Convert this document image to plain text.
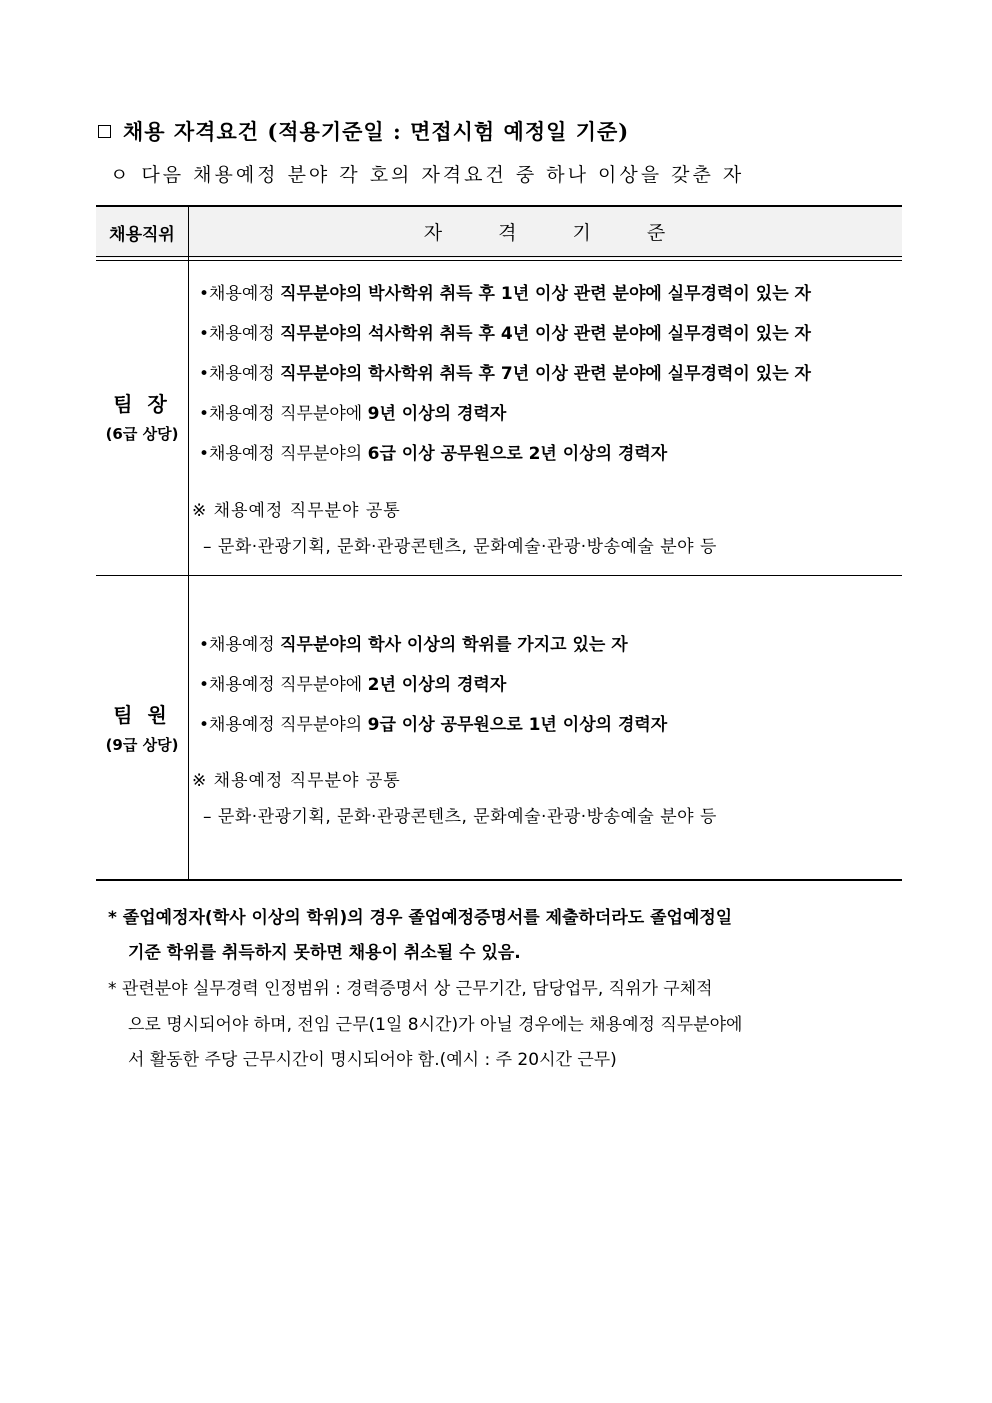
채용 자격요건 (적용기준일 : 면접시험 예정일 기준)
ㅇ 다음 채용예정 분야 각 호의 자격요건 중 하나 이상을 갖춘 자
채용직위	자 격 기 준
팀 장
(6급 상당)
•채용예정 직무분야의 박사학위 취득 후 1년 이상 관련 분야에 실무경력이 있는 자
•채용예정 직무분야의 석사학위 취득 후 4년 이상 관련 분야에 실무경력이 있는 자
•채용예정 직무분야의 학사학위 취득 후 7년 이상 관련 분야에 실무경력이 있는 자
•채용예정 직무분야에 9년 이상의 경력자
•채용예정 직무분야의 6급 이상 공무원으로 2년 이상의 경력자
※ 채용예정 직무분야 공통
– 문화·관광기획, 문화·관광콘텐츠, 문화예술·관광·방송예술 분야 등
팀 원
(9급 상당)
•채용예정 직무분야의 학사 이상의 학위를 가지고 있는 자
•채용예정 직무분야에 2년 이상의 경력자
•채용예정 직무분야의 9급 이상 공무원으로 1년 이상의 경력자
※ 채용예정 직무분야 공통
– 문화·관광기획, 문화·관광콘텐츠, 문화예술·관광·방송예술 분야 등
* 졸업예정자(학사 이상의 학위)의 경우 졸업예정증명서를 제출하더라도 졸업예정일
기준 학위를 취득하지 못하면 채용이 취소될 수 있음.
* 관련분야 실무경력 인정범위 : 경력증명서 상 근무기간, 담당업무, 직위가 구체적
으로 명시되어야 하며, 전임 근무(1일 8시간)가 아닐 경우에는 채용예정 직무분야에
서 활동한 주당 근무시간이 명시되어야 함.(예시 : 주 20시간 근무)
